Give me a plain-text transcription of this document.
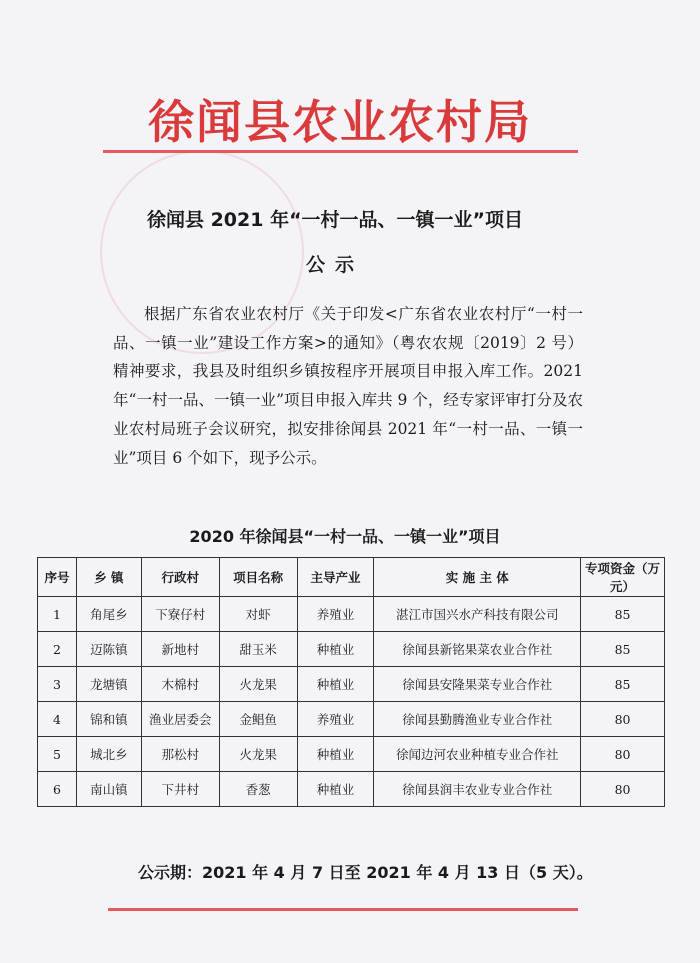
徐闻县农业农村局
徐闻县 2021 年“一村一品、一镇一业”项目
公示
根据广东省农业农村厅《关于印发<广东省农业农村厅“一村一品、一镇一业”建设工作方案>的通知》（粤农农规〔2019〕2 号）精神要求，我县及时组织乡镇按程序开展项目申报入库工作。2021 年“一村一品、一镇一业”项目申报入库共 9 个，经专家评审打分及农业农村局班子会议研究，拟安排徐闻县 2021 年“一村一品、一镇一业”项目 6 个如下，现予公示。
2020 年徐闻县“一村一品、一镇一业”项目
序号	乡 镇	行政村	项目名称	主导产业	实 施 主 体	专项资金（万元）
1	角尾乡	下寮仔村	对虾	养殖业	湛江市国兴水产科技有限公司	85
2	迈陈镇	新地村	甜玉米	种植业	徐闻县新铭果菜农业合作社	85
3	龙塘镇	木棉村	火龙果	种植业	徐闻县安隆果菜专业合作社	85
4	锦和镇	渔业居委会	金鲳鱼	养殖业	徐闻县勤腾渔业专业合作社	80
5	城北乡	那松村	火龙果	种植业	徐闻边河农业种植专业合作社	80
6	南山镇	下井村	香葱	种植业	徐闻县润丰农业专业合作社	80
公示期：2021 年 4 月 7 日至 2021 年 4 月 13 日（5 天）。
